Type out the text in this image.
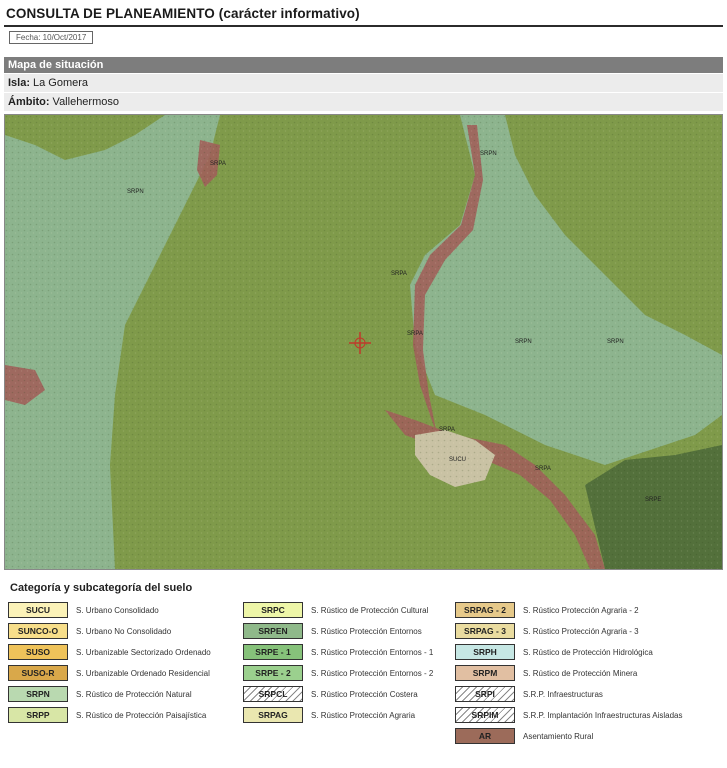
CONSULTA DE PLANEAMIENTO (carácter informativo)
Fecha: 10/Oct/2017
Mapa de situación
Isla: La Gomera
Ámbito: Vallehermoso
SRPN
SRPN
SRPA
SRPA
SRPA
SRPA
SRPA
SRPN	SRPN
SUCU
SRPE
Categoría y subcategoría del suelo
SUCU	S. Urbano Consolidado
SUNCO-O	S. Urbano No Consolidado
SUSO	S. Urbanizable Sectorizado Ordenado
SUSO-R	S. Urbanizable Ordenado Residencial
SRPN	S. Rústico de Protección Natural
SRPP	S. Rústico de Protección Paisajística
SRPC	S. Rústico de Protección Cultural
SRPEN	S. Rústico Protección Entornos
SRPE - 1	S. Rústico Protección Entornos - 1
SRPE - 2	S. Rústico Protección Entornos - 2
SRPCL	S. Rústico Protección Costera
SRPAG	S. Rústico Protección Agraria
SRPAG - 2	S. Rústico Protección Agraria - 2
SRPAG - 3	S. Rústico Protección Agraria - 3
SRPH	S. Rústico de Protección Hidrológica
SRPM	S. Rústico de Protección Minera
SRPI	S.R.P. Infraestructuras
SRPIM	S.R.P. Implantación Infraestructuras Aisladas
AR	Asentamiento Rural
